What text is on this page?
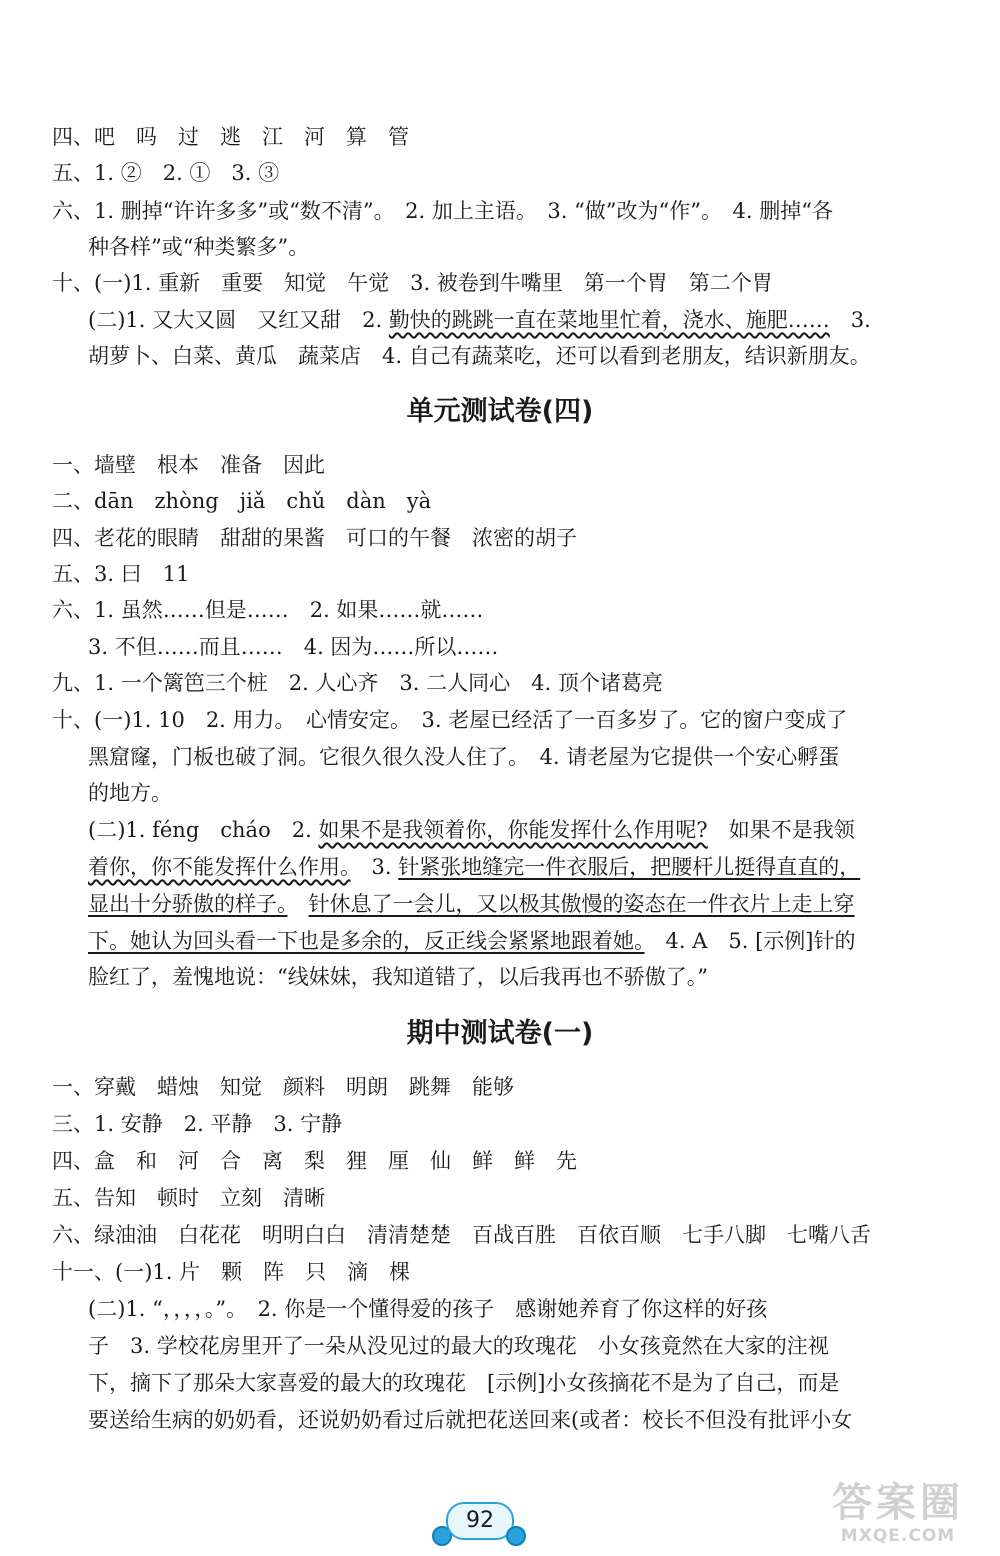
四、吧　吗　过　逃　江　河　算　管
五、1. ②　2. ①　3. ③
六、1. 删掉“许许多多”或“数不清”。　2. 加上主语。　3. “做”改为“作”。　4. 删掉“各
种各样”或“种类繁多”。
十、(一)1. 重新　重要　知觉　午觉　3. 被卷到牛嘴里　第一个胃　第二个胃
(二)1. 又大又圆　又红又甜　2. 勤快的跳跳一直在菜地里忙着，浇水、施肥……　3.
胡萝卜、白菜、黄瓜　蔬菜店　4. 自己有蔬菜吃，还可以看到老朋友，结识新朋友。
单元测试卷(四)
一、墙壁　根本　准备　因此
二、dān　zhòng　jiǎ　chǔ　dàn　yà
四、老花的眼睛　甜甜的果酱　可口的午餐　浓密的胡子
五、3. 曰　11
六、1. 虽然……但是……　2. 如果……就……
3. 不但……而且……　4. 因为……所以……
九、1. 一个篱笆三个桩　2. 人心齐　3. 二人同心　4. 顶个诸葛亮
十、(一)1. 10　2. 用力。　心情安定。　3. 老屋已经活了一百多岁了。它的窗户变成了
黑窟窿，门板也破了洞。它很久很久没人住了。　4. 请老屋为它提供一个安心孵蛋
的地方。
(二)1. féng　cháo　2. 如果不是我领着你，你能发挥什么作用呢?　如果不是我领
着你，你不能发挥什么作用。　3. 针紧张地缝完一件衣服后，把腰杆儿挺得直直的，
显出十分骄傲的样子。　 针休息了一会儿，又以极其傲慢的姿态在一件衣片上走上穿
下。她认为回头看一下也是多余的，反正线会紧紧地跟着她。　4. A　5. [示例]针的
脸红了，羞愧地说：“线妹妹，我知道错了，以后我再也不骄傲了。”
期中测试卷(一)
一、穿戴　蜡烛　知觉　颜料　明朗　跳舞　能够
三、1. 安静　2. 平静　3. 宁静
四、盒　和　河　合　离　梨　狸　厘　仙　鲜　鲜　先
五、告知　顿时　立刻　清晰
六、绿油油　白花花　明明白白　清清楚楚　百战百胜　百依百顺　七手八脚　七嘴八舌
十一、(一)1. 片　颗　阵　只　滴　棵
(二)1. “，，，，。”。　2. 你是一个懂得爱的孩子　感谢她养育了你这样的好孩
子　3. 学校花房里开了一朵从没见过的最大的玫瑰花　小女孩竟然在大家的注视
下，摘下了那朵大家喜爱的最大的玫瑰花　[示例]小女孩摘花不是为了自己，而是
要送给生病的奶奶看，还说奶奶看过后就把花送回来(或者：校长不但没有批评小女
92	答案圈
MXQE.COM
